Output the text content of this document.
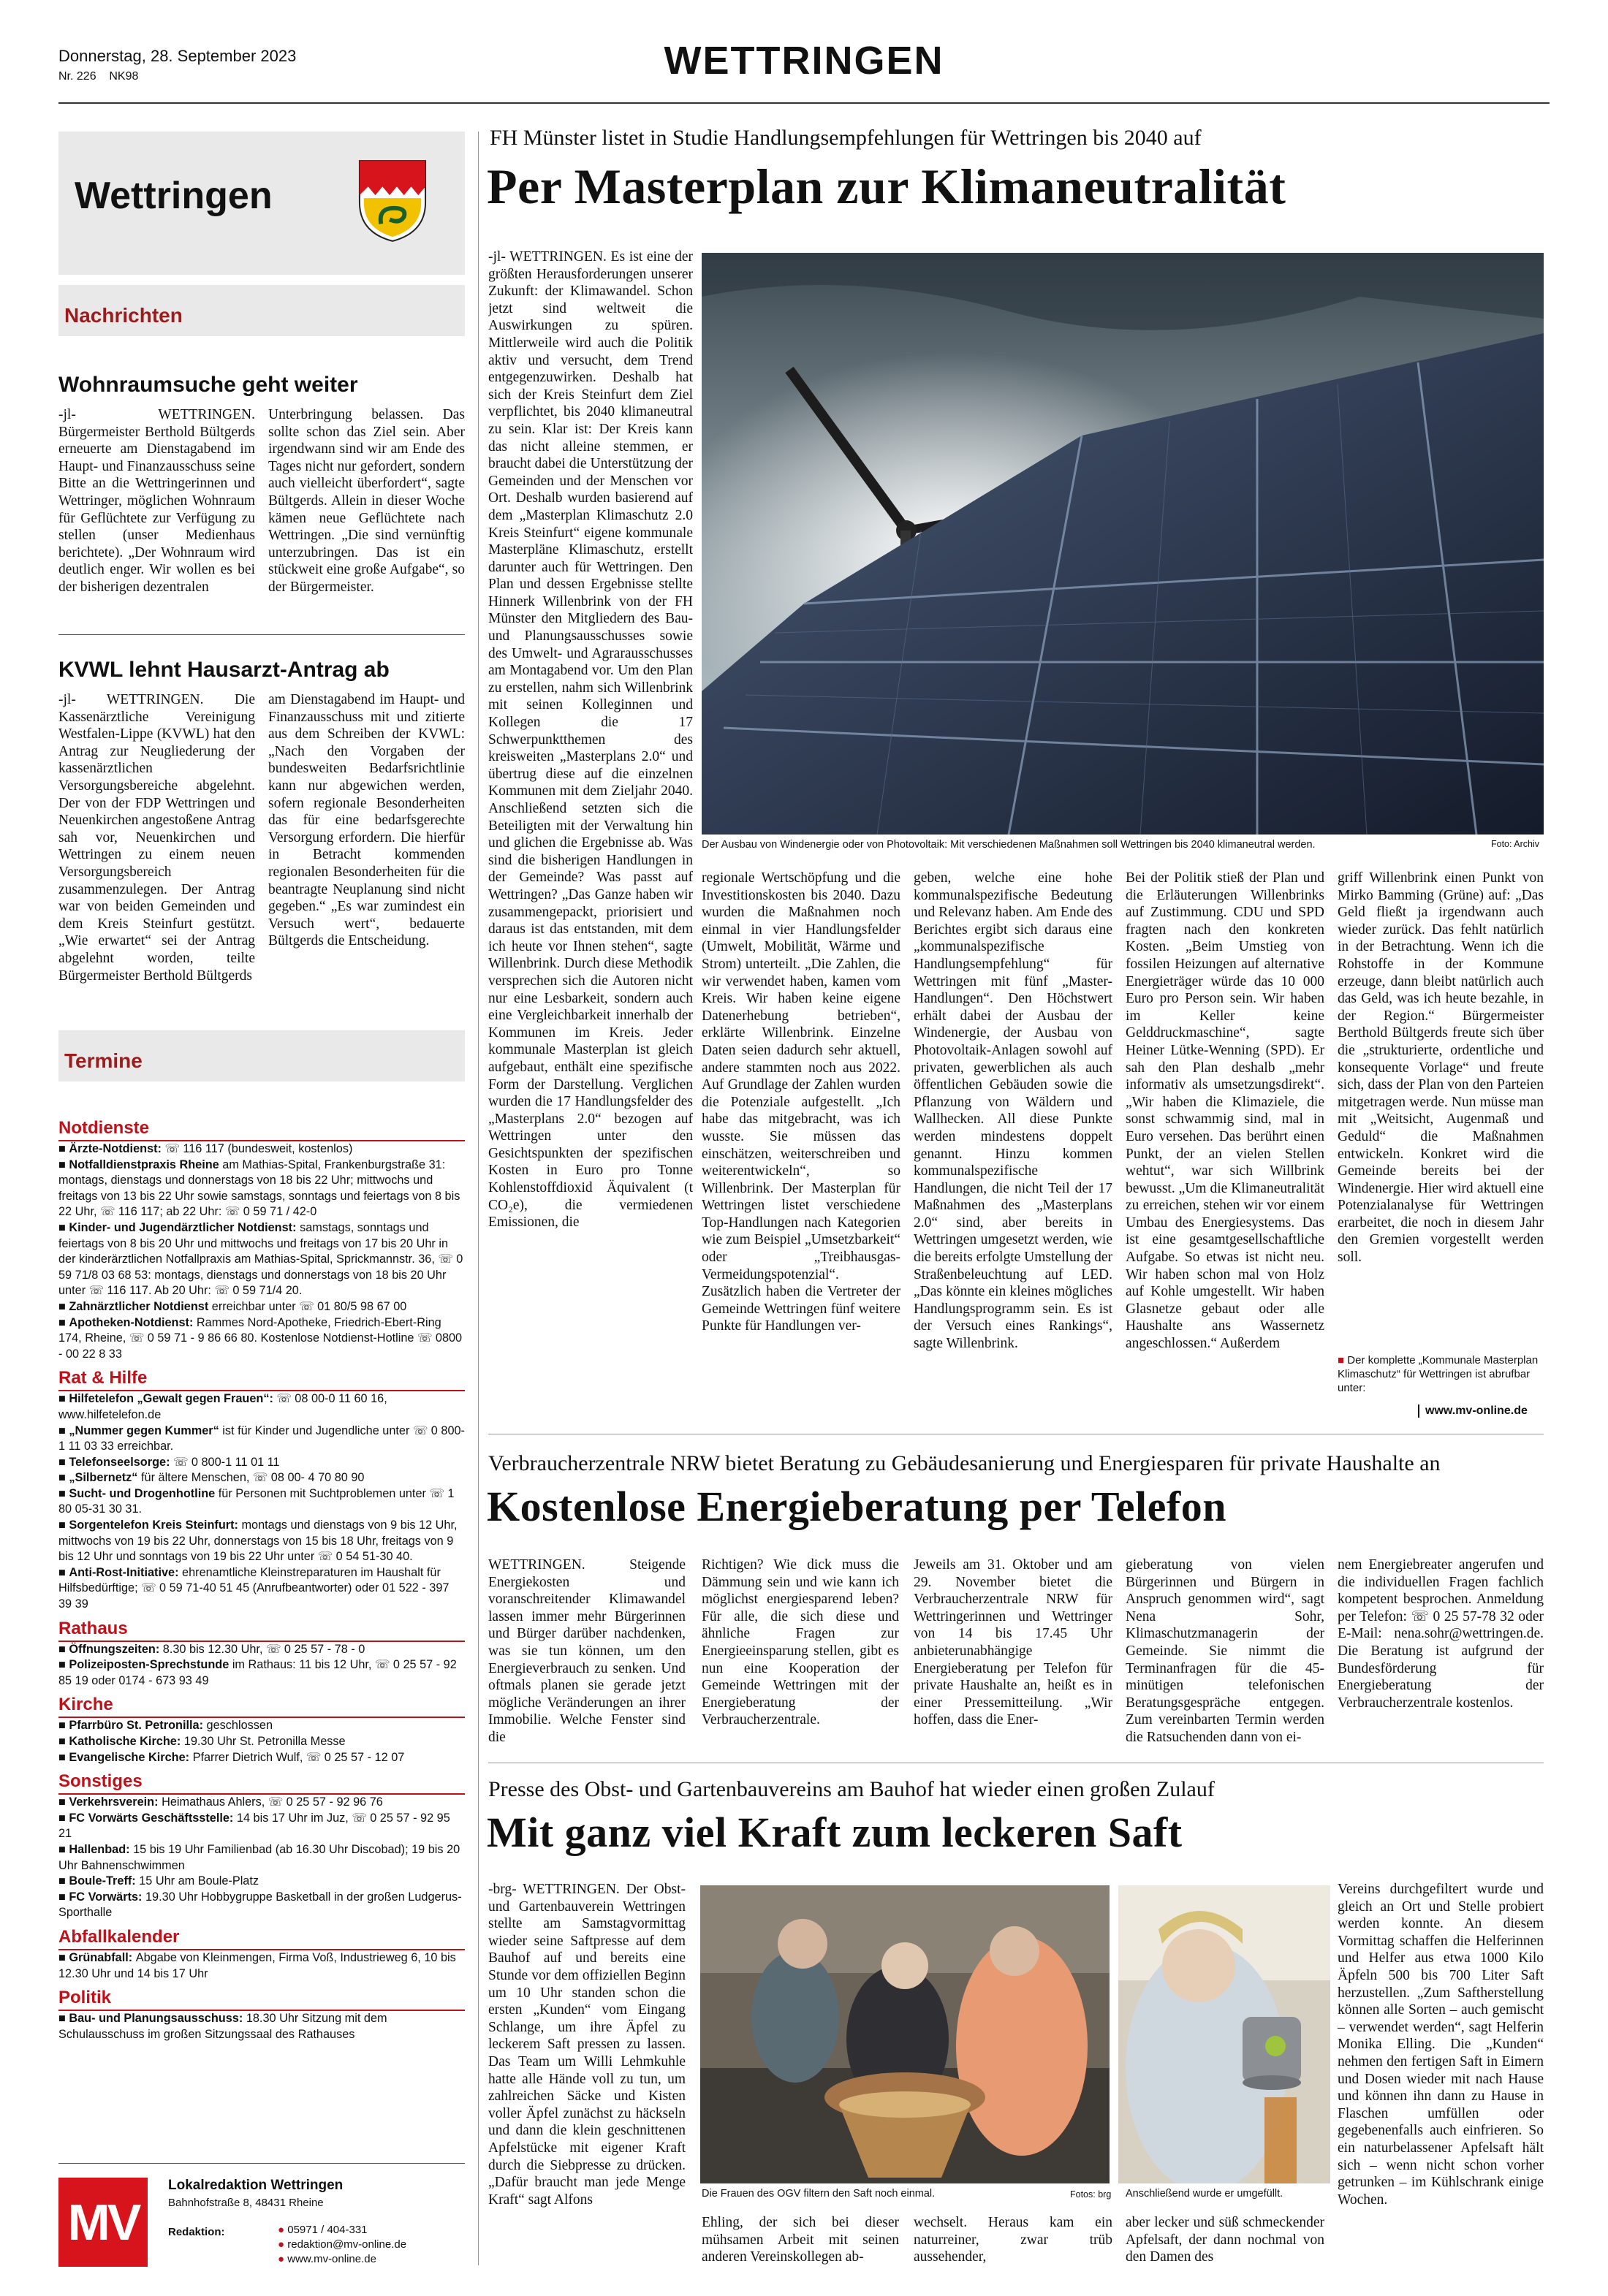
Donnerstag, 28. September 2023
Nr. 226 NK98	WETTRINGEN
Wettringen
Nachrichten
Wohnraumsuche geht weiter

-jl- WETTRINGEN. Bürgermeister Berthold Bültgerds erneuerte am Dienstagabend im Haupt- und Finanzausschuss seine Bitte an die Wettringerinnen und Wettringer, möglichen Wohnraum für Geflüchtete zur Verfügung zu stellen (unser Medienhaus berichtete). „Der Wohnraum wird deutlich enger. Wir wollen es bei der bisherigen dezentralen

Unterbringung belassen. Das sollte schon das Ziel sein. Aber irgendwann sind wir am Ende des Tages nicht nur gefordert, sondern auch vielleicht überfordert“, sagte Bültgerds. Allein in dieser Woche kämen neue Geflüchtete nach Wettringen. „Die sind vernünftig unterzubringen. Das ist ein stückweit eine große Aufgabe“, so der Bürgermeister.

KVWL lehnt Hausarzt-Antrag ab

-jl- WETTRINGEN. Die Kassenärztliche Vereinigung Westfalen-Lippe (KVWL) hat den Antrag zur Neugliederung der kassenärztlichen Versorgungsbereiche abgelehnt. Der von der FDP Wettringen und Neuenkirchen angestoßene Antrag sah vor, Neuenkirchen und Wettringen zu einem neuen Versorgungsbereich zusammenzulegen. Der Antrag war von beiden Gemeinden und dem Kreis Steinfurt gestützt. „Wie erwartet“ sei der Antrag abgelehnt worden, teilte Bürgermeister Berthold Bültgerds

am Dienstagabend im Haupt- und Finanzausschuss mit und zitierte aus dem Schreiben der KVWL: „Nach den Vorgaben der bundesweiten Bedarfsrichtlinie kann nur abgewichen werden, sofern regionale Besonderheiten das für eine bedarfsgerechte Versorgung erfordern. Die hierfür in Betracht kommenden regionalen Besonderheiten für die beantragte Neuplanung sind nicht gegeben.“ „Es war zumindest ein Versuch wert“, bedauerte Bültgerds die Entscheidung.

Termine
Notdienste
■ Ärzte-Notdienst: ☏ 116 117 (bundesweit, kostenlos)
■ Notfalldienstpraxis Rheine am Mathias-Spital, Frankenburgstraße 31: montags, dienstags und donnerstags von 18 bis 22 Uhr; mittwochs und freitags von 13 bis 22 Uhr sowie samstags, sonntags und feiertags von 8 bis 22 Uhr, ☏ 116 117; ab 22 Uhr: ☏ 0 59 71 / 42-0
■ Kinder- und Jugendärztlicher Notdienst: samstags, sonntags und feiertags von 8 bis 20 Uhr und mittwochs und freitags von 17 bis 20 Uhr in der kinderärztlichen Notfallpraxis am Mathias-Spital, Sprickmannstr. 36, ☏ 0 59 71/8 03 68 53: montags, dienstags und donnerstags von 18 bis 20 Uhr unter ☏ 116 117. Ab 20 Uhr: ☏ 0 59 71/4 20.
■ Zahnärztlicher Notdienst erreichbar unter ☏ 01 80/5 98 67 00
■ Apotheken-Notdienst: Rammes Nord-Apotheke, Friedrich-Ebert-Ring 174, Rheine, ☏ 0 59 71 - 9 86 66 80. Kostenlose Notdienst-Hotline ☏ 0800 - 00 22 8 33
Rat & Hilfe
■ Hilfetelefon „Gewalt gegen Frauen“: ☏ 08 00-0 11 60 16, www.hilfetelefon.de
■ „Nummer gegen Kummer“ ist für Kinder und Jugendliche unter ☏ 0 800-1 11 03 33 erreichbar.
■ Telefonseelsorge: ☏ 0 800-1 11 01 11
■ „Silbernetz“ für ältere Menschen, ☏ 08 00- 4 70 80 90
■ Sucht- und Drogenhotline für Personen mit Suchtproblemen unter ☏ 1 80 05-31 30 31.
■ Sorgentelefon Kreis Steinfurt: montags und dienstags von 9 bis 12 Uhr, mittwochs von 19 bis 22 Uhr, donnerstags von 15 bis 18 Uhr, freitags von 9 bis 12 Uhr und sonntags von 19 bis 22 Uhr unter ☏ 0 54 51-30 40.
■ Anti-Rost-Initiative: ehrenamtliche Kleinstreparaturen im Haushalt für Hilfsbedürftige; ☏ 0 59 71-40 51 45 (Anrufbeantworter) oder 01 522 - 397 39 39
Rathaus
■ Öffnungszeiten: 8.30 bis 12.30 Uhr, ☏ 0 25 57 - 78 - 0
■ Polizeiposten-Sprechstunde im Rathaus: 11 bis 12 Uhr, ☏ 0 25 57 - 92 85 19 oder 0174 - 673 93 49
Kirche
■ Pfarrbüro St. Petronilla: geschlossen
■ Katholische Kirche: 19.30 Uhr St. Petronilla Messe
■ Evangelische Kirche: Pfarrer Dietrich Wulf, ☏ 0 25 57 - 12 07
Sonstiges
■ Verkehrsverein: Heimathaus Ahlers, ☏ 0 25 57 - 92 96 76
■ FC Vorwärts Geschäftsstelle: 14 bis 17 Uhr im Juz, ☏ 0 25 57 - 92 95 21
■ Hallenbad: 15 bis 19 Uhr Familienbad (ab 16.30 Uhr Discobad); 19 bis 20 Uhr Bahnenschwimmen
■ Boule-Treff: 15 Uhr am Boule-Platz
■ FC Vorwärts: 19.30 Uhr Hobbygruppe Basketball in der großen Ludgerus-Sporthalle
Abfallkalender
■ Grünabfall: Abgabe von Kleinmengen, Firma Voß, Industrieweg 6, 10 bis 12.30 Uhr und 14 bis 17 Uhr
Politik
■ Bau- und Planungsausschuss: 18.30 Uhr Sitzung mit dem Schulausschuss im großen Sitzungssaal des Rathauses
MV
Lokalredaktion Wettringen
Bahnhofstraße 8, 48431 Rheine
Redaktion:	● 05971 / 404-331
● redaktion@mv-online.de
● www.mv-online.de
FH Münster listet in Studie Handlungsempfehlungen für Wettringen bis 2040 auf
Per Masterplan zur Klimaneutralität

-jl- WETTRINGEN. Es ist eine der größten Herausforderungen unserer Zukunft: der Klimawandel. Schon jetzt sind weltweit die Auswirkungen zu spüren. Mittlerweile wird auch die Politik aktiv und versucht, dem Trend entgegenzuwirken. Deshalb hat sich der Kreis Steinfurt dem Ziel verpflichtet, bis 2040 klimaneutral zu sein. Klar ist: Der Kreis kann das nicht alleine stemmen, er braucht dabei die Unterstützung der Gemeinden und der Menschen vor Ort. Deshalb wurden basierend auf dem „Masterplan Klimaschutz 2.0 Kreis Steinfurt“ eigene kommunale Masterpläne Klimaschutz, erstellt darunter auch für Wettringen. Den Plan und dessen Ergebnisse stellte Hinnerk Willenbrink von der FH Münster den Mitgliedern des Bau- und Planungsausschusses sowie des Umwelt- und Agrarausschusses am Montagabend vor. Um den Plan zu erstellen, nahm sich Willenbrink mit seinen Kolleginnen und Kollegen die 17 Schwerpunktthemen des kreisweiten „Masterplans 2.0“ und übertrug diese auf die einzelnen Kommunen mit dem Zieljahr 2040. Anschließend setzten sich die Beteiligten mit der Verwaltung hin und glichen die Ergebnisse ab. Was sind die bisherigen Handlungen in der Gemeinde? Was passt auf Wettringen? „Das Ganze haben wir zusammengepackt, priorisiert und daraus ist das entstanden, mit dem ich heute vor Ihnen stehen“, sagte Willenbrink. Durch diese Methodik versprechen sich die Autoren nicht nur eine Lesbarkeit, sondern auch eine Vergleichbarkeit innerhalb der Kommunen im Kreis. Jeder kommunale Masterplan ist gleich aufgebaut, enthält eine spezifische Form der Darstellung. Verglichen wurden die 17 Handlungsfelder des „Masterplans 2.0“ bezogen auf Wettringen unter den Gesichtspunkten der spezifischen Kosten in Euro pro Tonne Kohlenstoffdioxid Äquivalent (t CO₂e), die vermiedenen Emissionen, die

Der Ausbau von Windenergie oder von Photovoltaik: Mit verschiedenen Maßnahmen soll Wettringen bis 2040 klimaneutral werden.	Foto: Archiv
regionale Wertschöpfung und die Investitionskosten bis 2040. Dazu wurden die Maßnahmen noch einmal in vier Handlungsfelder (Umwelt, Mobilität, Wärme und Strom) unterteilt. „Die Zahlen, die wir verwendet haben, kamen vom Kreis. Wir haben keine eigene Datenerhebung betrieben“, erklärte Willenbrink. Einzelne Daten seien dadurch sehr aktuell, andere stammten noch aus 2022. Auf Grundlage der Zahlen wurden die Potenziale aufgestellt. „Ich habe das mitgebracht, was ich wusste. Sie müssen das einschätzen, weiterschreiben und weiterentwickeln“, so Willenbrink. Der Masterplan für Wettringen listet verschiedene Top-Handlungen nach Kategorien wie zum Beispiel „Umsetzbarkeit“ oder „Treibhausgas-Vermeidungspotenzial“. Zusätzlich haben die Vertreter der Gemeinde Wettringen fünf weitere Punkte für Handlungen ver-
geben, welche eine hohe kommunalspezifische Bedeutung und Relevanz haben. Am Ende des Berichtes ergibt sich daraus eine „kommunalspezifische Handlungsempfehlung“ für Wettringen mit fünf „Master-Handlungen“. Den Höchstwert erhält dabei der Ausbau der Windenergie, der Ausbau von Photovoltaik-Anlagen sowohl auf privaten, gewerblichen als auch öffentlichen Gebäuden sowie die Pflanzung von Wäldern und Wallhecken. All diese Punkte werden mindestens doppelt genannt. Hinzu kommen kommunalspezifische Handlungen, die nicht Teil der 17 Maßnahmen des „Masterplans 2.0“ sind, aber bereits in Wettringen umgesetzt werden, wie die bereits erfolgte Umstellung der Straßenbeleuchtung auf LED. „Das könnte ein kleines mögliches Handlungsprogramm sein. Es ist der Versuch eines Rankings“, sagte Willenbrink.
Bei der Politik stieß der Plan und die Erläuterungen Willenbrinks auf Zustimmung. CDU und SPD fragten nach den konkreten Kosten. „Beim Umstieg von fossilen Heizungen auf alternative Energieträger würde das 10 000 Euro pro Person sein. Wir haben im Keller keine Gelddruckmaschine“, sagte Heiner Lütke-Wenning (SPD). Er sah den Plan deshalb „mehr informativ als umsetzungsdirekt“. „Wir haben die Klimaziele, die sonst schwammig sind, mal in Euro versehen. Das berührt einen Punkt, der an vielen Stellen wehtut“, war sich Willbrink bewusst. „Um die Klimaneutralität zu erreichen, stehen wir vor einem Umbau des Energiesystems. Das ist eine gesamtgesellschaftliche Aufgabe. So etwas ist nicht neu. Wir haben schon mal von Holz auf Kohle umgestellt. Wir haben Glasnetze gebaut oder alle Haushalte ans Wassernetz angeschlossen.“ Außerdem
griff Willenbrink einen Punkt von Mirko Bamming (Grüne) auf: „Das Geld fließt ja irgendwann auch wieder zurück. Das fehlt natürlich in der Betrachtung. Wenn ich die Rohstoffe in der Kommune erzeuge, dann bleibt natürlich auch das Geld, was ich heute bezahle, in der Region.“ Bürgermeister Berthold Bültgerds freute sich über die „strukturierte, ordentliche und konsequente Vorlage“ und freute sich, dass der Plan von den Parteien mitgetragen werde. Nun müsse man mit „Weitsicht, Augenmaß und Geduld“ die Maßnahmen entwickeln. Konkret wird die Gemeinde bereits bei der Windenergie. Hier wird aktuell eine Potenzialanalyse für Wettringen erarbeitet, die noch in diesem Jahr den Gremien vorgestellt werden soll.
■ Der komplette „Kommunale Masterplan Klimaschutz“ für Wettringen ist abrufbar unter:
www.mv-online.de
Verbraucherzentrale NRW bietet Beratung zu Gebäudesanierung und Energiesparen für private Haushalte an
Kostenlose Energieberatung per Telefon
WETTRINGEN. Steigende Energiekosten und voranschreitender Klimawandel lassen immer mehr Bürgerinnen und Bürger darüber nachdenken, was sie tun können, um den Energieverbrauch zu senken. Und oftmals planen sie gerade jetzt mögliche Veränderungen an ihrer Immobilie. Welche Fenster sind die
Richtigen? Wie dick muss die Dämmung sein und wie kann ich möglichst energiesparend leben? Für alle, die sich diese und ähnliche Fragen zur Energieeinsparung stellen, gibt es nun eine Kooperation der Gemeinde Wettringen mit der Energieberatung der Verbraucherzentrale.
Jeweils am 31. Oktober und am 29. November bietet die Verbraucherzentrale NRW für Wettringerinnen und Wettringer von 14 bis 17.45 Uhr anbieterunabhängige Energieberatung per Telefon für private Haushalte an, heißt es in einer Pressemitteilung. „Wir hoffen, dass die Ener-
gieberatung von vielen Bürgerinnen und Bürgern in Anspruch genommen wird“, sagt Nena Sohr, Klimaschutzmanagerin der Gemeinde. Sie nimmt die Terminanfragen für die 45-minütigen telefonischen Beratungsgespräche entgegen. Zum vereinbarten Termin werden die Ratsuchenden dann von ei-
nem Energiebreater angerufen und die individuellen Fragen fachlich kompetent besprochen. Anmeldung per Telefon: ☏ 0 25 57-78 32 oder E-Mail: nena.sohr@wettringen.de. Die Beratung ist aufgrund der Bundesförderung für Energieberatung der Verbraucherzentrale kostenlos.
Presse des Obst- und Gartenbauvereins am Bauhof hat wieder einen großen Zulauf
Mit ganz viel Kraft zum leckeren Saft
-brg- WETTRINGEN. Der Obst- und Gartenbauverein Wettringen stellte am Samstagvormittag wieder seine Saftpresse auf dem Bauhof auf und bereits eine Stunde vor dem offiziellen Beginn um 10 Uhr standen schon die ersten „Kunden“ vom Eingang Schlange, um ihre Äpfel zu leckerem Saft pressen zu lassen. Das Team um Willi Lehmkuhle hatte alle Hände voll zu tun, um zahlreichen Säcke und Kisten voller Äpfel zunächst zu häckseln und dann die klein geschnittenen Apfelstücke mit eigener Kraft durch die Siebpresse zu drücken. „Dafür braucht man jede Menge Kraft“ sagt Alfons	Die Frauen des OGV filtern den Saft noch einmal.	Fotos: brg Anschließend wurde er umgefüllt.
Ehling, der sich bei dieser mühsamen Arbeit mit seinen anderen Vereinskollegen ab-
wechselt. Heraus kam ein naturreiner, zwar trüb aussehender,
aber lecker und süß schmeckender Apfelsaft, der dann nochmal von den Damen des
Vereins durchgefiltert wurde und gleich an Ort und Stelle probiert werden konnte. An diesem Vormittag schaffen die Helferinnen und Helfer aus etwa 1000 Kilo Äpfeln 500 bis 700 Liter Saft herzustellen. „Zum Saftherstellung können alle Sorten – auch gemischt – verwendet werden“, sagt Helferin Monika Elling. Die „Kunden“ nehmen den fertigen Saft in Eimern und Dosen wieder mit nach Hause und können ihn dann zu Hause in Flaschen umfüllen oder gegebenenfalls auch einfrieren. So ein naturbelassener Apfelsaft hält sich – wenn nicht schon vorher getrunken – im Kühlschrank einige Wochen.
